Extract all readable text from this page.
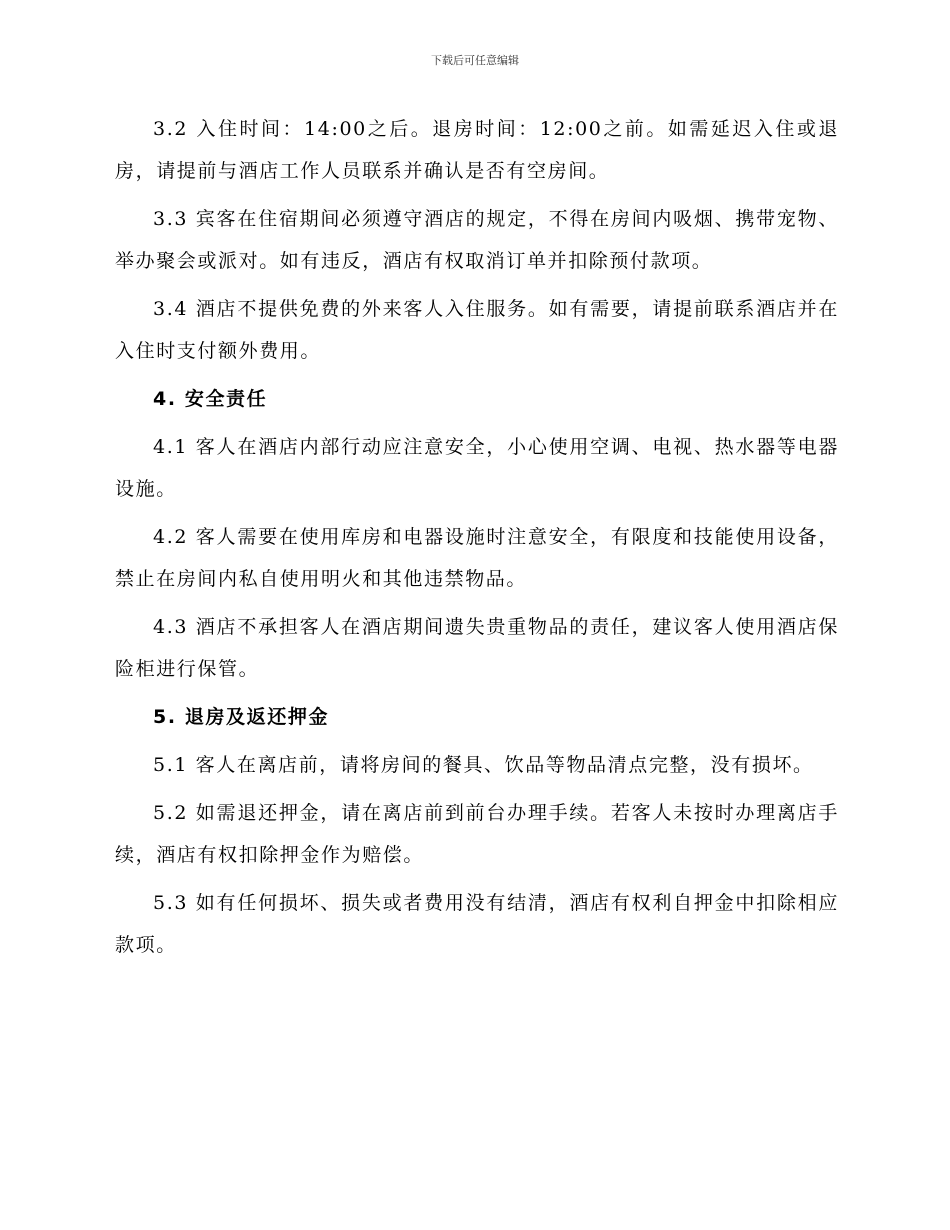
下载后可任意编辑

3.2 入住时间：14:00之后。退房时间：12:00之前。如需延迟入住或退房，请提前与酒店工作人员联系并确认是否有空房间。

3.3 宾客在住宿期间必须遵守酒店的规定，不得在房间内吸烟、携带宠物、举办聚会或派对。如有违反，酒店有权取消订单并扣除预付款项。

3.4 酒店不提供免费的外来客人入住服务。如有需要，请提前联系酒店并在入住时支付额外费用。

4. 安全责任

4.1 客人在酒店内部行动应注意安全，小心使用空调、电视、热水器等电器设施。

4.2 客人需要在使用库房和电器设施时注意安全，有限度和技能使用设备，禁止在房间内私自使用明火和其他违禁物品。

4.3 酒店不承担客人在酒店期间遗失贵重物品的责任，建议客人使用酒店保险柜进行保管。

5. 退房及返还押金

5.1 客人在离店前，请将房间的餐具、饮品等物品清点完整，没有损坏。

5.2 如需退还押金，请在离店前到前台办理手续。若客人未按时办理离店手续，酒店有权扣除押金作为赔偿。

5.3 如有任何损坏、损失或者费用没有结清，酒店有权利自押金中扣除相应款项。
